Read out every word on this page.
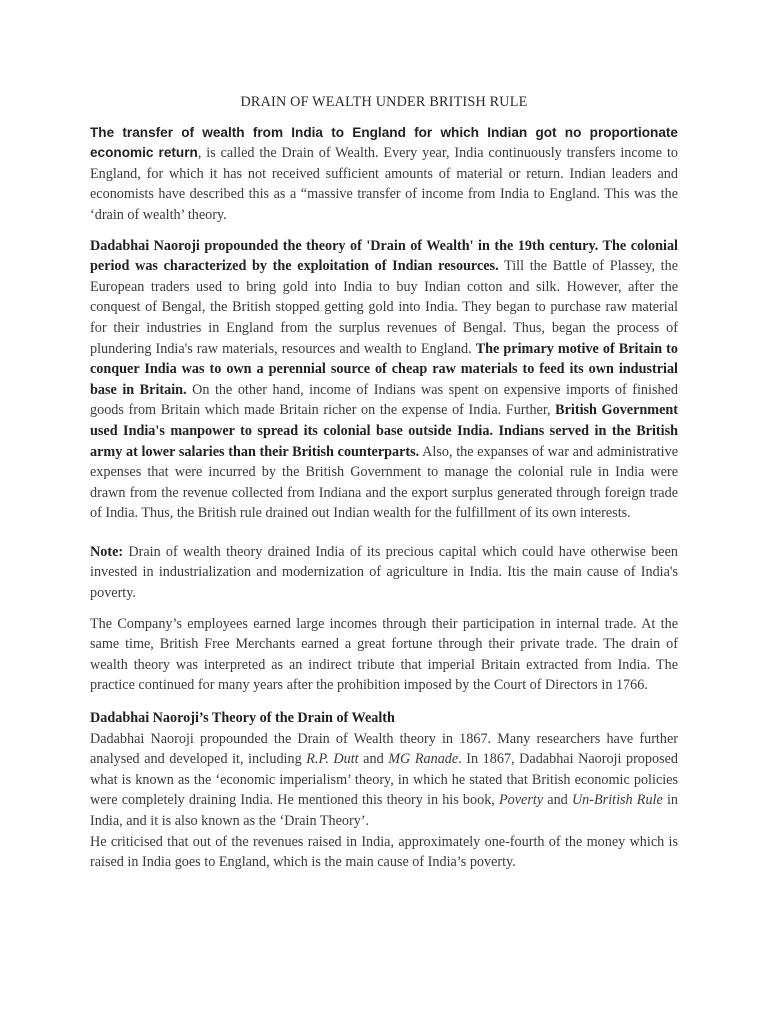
DRAIN OF WEALTH UNDER BRITISH RULE

The transfer of wealth from India to England for which Indian got no proportionate economic return, is called the Drain of Wealth. Every year, India continuously transfers income to England, for which it has not received sufficient amounts of material or return. Indian leaders and economists have described this as a “massive transfer of income from India to England. This was the ‘drain of wealth’ theory.

Dadabhai Naoroji propounded the theory of 'Drain of Wealth' in the 19th century. The colonial period was characterized by the exploitation of Indian resources. Till the Battle of Plassey, the European traders used to bring gold into India to buy Indian cotton and silk. However, after the conquest of Bengal, the British stopped getting gold into India. They began to purchase raw material for their industries in England from the surplus revenues of Bengal. Thus, began the process of plundering India's raw materials, resources and wealth to England. The primary motive of Britain to conquer India was to own a perennial source of cheap raw materials to feed its own industrial base in Britain. On the other hand, income of Indians was spent on expensive imports of finished goods from Britain which made Britain richer on the expense of India. Further, British Government used India's manpower to spread its colonial base outside India. Indians served in the British army at lower salaries than their British counterparts. Also, the expanses of war and administrative expenses that were incurred by the British Government to manage the colonial rule in India were drawn from the revenue collected from Indiana and the export surplus generated through foreign trade of India. Thus, the British rule drained out Indian wealth for the fulfillment of its own interests.

Note: Drain of wealth theory drained India of its precious capital which could have otherwise been invested in industrialization and modernization of agriculture in India. Itis the main cause of India's poverty.

The Company’s employees earned large incomes through their participation in internal trade. At the same time, British Free Merchants earned a great fortune through their private trade. The drain of wealth theory was interpreted as an indirect tribute that imperial Britain extracted from India. The practice continued for many years after the prohibition imposed by the Court of Directors in 1766.

Dadabhai Naoroji’s Theory of the Drain of Wealth

Dadabhai Naoroji propounded the Drain of Wealth theory in 1867. Many researchers have further analysed and developed it, including R.P. Dutt and MG Ranade. In 1867, Dadabhai Naoroji proposed what is known as the ‘economic imperialism’ theory, in which he stated that British economic policies were completely draining India. He mentioned this theory in his book, Poverty and Un-British Rule in India, and it is also known as the ‘Drain Theory’.

He criticised that out of the revenues raised in India, approximately one-fourth of the money which is raised in India goes to England, which is the main cause of India’s poverty.
